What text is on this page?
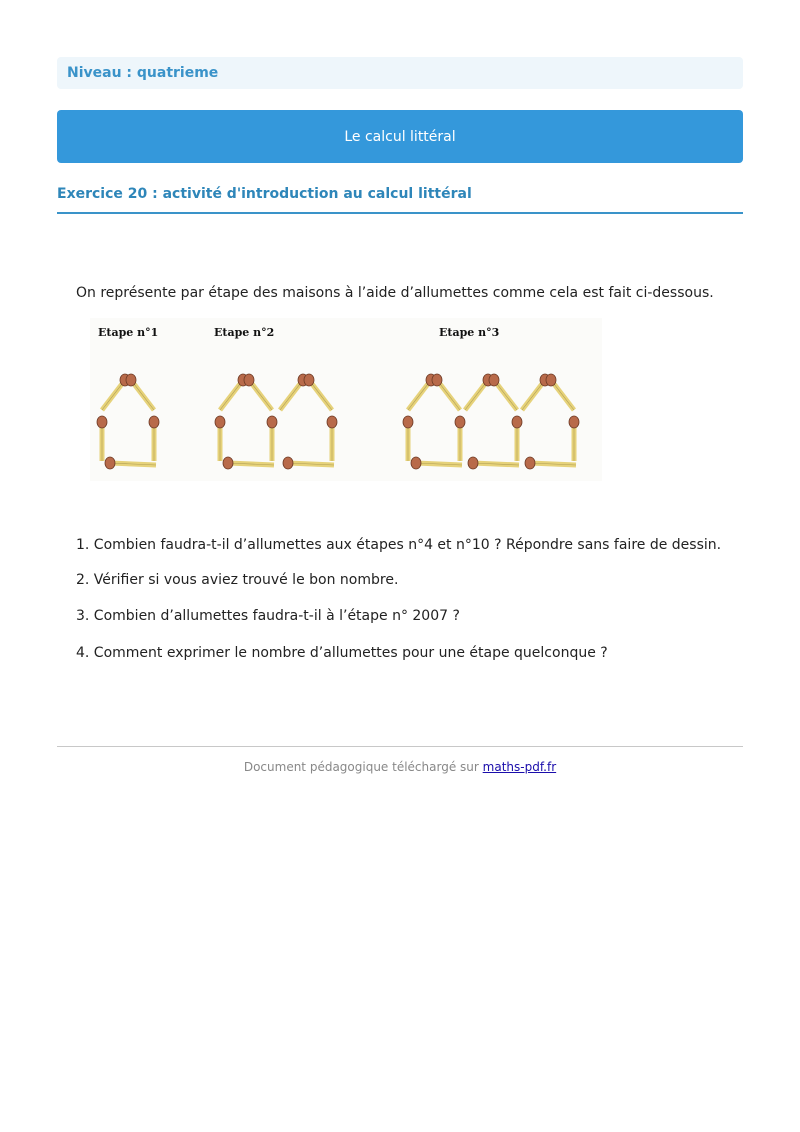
Niveau : quatrieme
Le calcul littéral
Exercice 20 : activité d'introduction au calcul littéral
On représente par étape des maisons à l’aide d’allumettes comme cela est fait ci-dessous.
Etape n°1	Etape n°2	Etape n°3
1. Combien faudra-t-il d’allumettes aux étapes n°4 et n°10 ? Répondre sans faire de dessin.
2. Vérifier si vous aviez trouvé le bon nombre.
3. Combien d’allumettes faudra-t-il à l’étape n° 2007 ?
4. Comment exprimer le nombre d’allumettes pour une étape quelconque ?
Document pédagogique téléchargé sur maths-pdf.fr
